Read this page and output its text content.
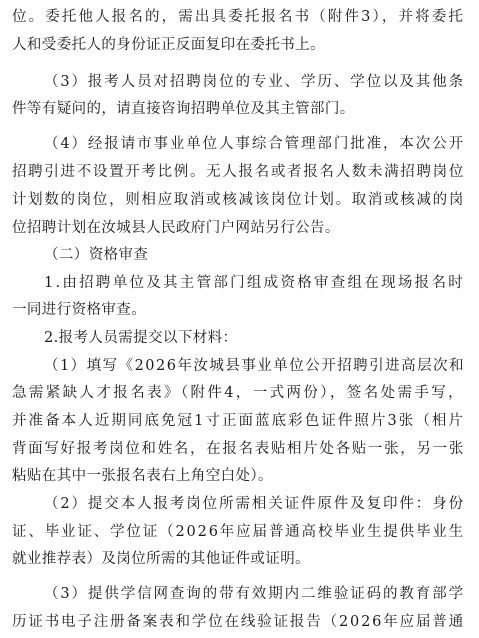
位。委托他人报名的，需出具委托报名书（附件3），并将委托
人和受委托人的身份证正反面复印在委托书上。
（3）报考人员对招聘岗位的专业、学历、学位以及其他条
件等有疑问的，请直接咨询招聘单位及其主管部门。
（4）经报请市事业单位人事综合管理部门批准，本次公开
招聘引进不设置开考比例。无人报名或者报名人数未满招聘岗位
计划数的岗位，则相应取消或核减该岗位计划。取消或核减的岗
位招聘计划在汝城县人民政府门户网站另行公告。
（二）资格审查
1.由招聘单位及其主管部门组成资格审查组在现场报名时
一同进行资格审查。
2.报考人员需提交以下材料：
（1）填写《2026年汝城县事业单位公开招聘引进高层次和
急需紧缺人才报名表》（附件4，一式两份），签名处需手写，
并准备本人近期同底免冠1寸正面蓝底彩色证件照片3张（相片
背面写好报考岗位和姓名，在报名表贴相片处各贴一张，另一张
粘贴在其中一张报名表右上角空白处）。
（2）提交本人报考岗位所需相关证件原件及复印件：身份
证、毕业证、学位证（2026年应届普通高校毕业生提供毕业生
就业推荐表）及岗位所需的其他证件或证明。
（3）提供学信网查询的带有效期内二维验证码的教育部学
历证书电子注册备案表和学位在线验证报告（2026年应届普通
